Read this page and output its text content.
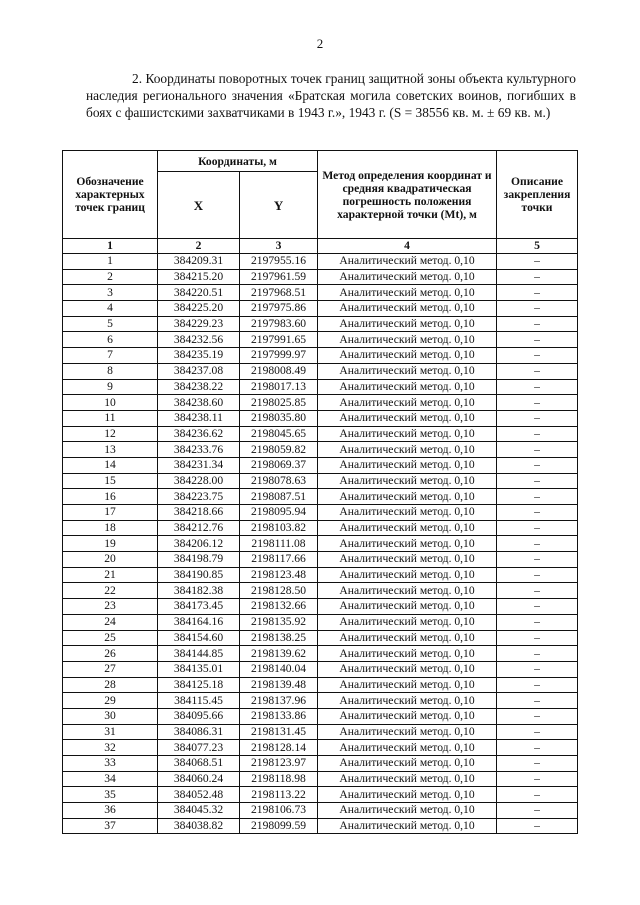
2
2. Координаты поворотных точек границ защитной зоны объекта культурного наследия регионального значения «Братская могила советских воинов, погибших в боях с фашистскими захватчиками в 1943 г.», 1943 г. (S = 38556 кв. м. ± 69 кв. м.)
Обозначение характерных точек границ	Координаты, м		Метод определения координат и средняя квадратическая погрешность положения характерной точки (Mt), м	Описание закрепления точки
	X	Y		
1	2	3	4	5
1	384209.31	2197955.16	Аналитический метод. 0,10	–
2	384215.20	2197961.59	Аналитический метод. 0,10	–
3	384220.51	2197968.51	Аналитический метод. 0,10	–
4	384225.20	2197975.86	Аналитический метод. 0,10	–
5	384229.23	2197983.60	Аналитический метод. 0,10	–
6	384232.56	2197991.65	Аналитический метод. 0,10	–
7	384235.19	2197999.97	Аналитический метод. 0,10	–
8	384237.08	2198008.49	Аналитический метод. 0,10	–
9	384238.22	2198017.13	Аналитический метод. 0,10	–
10	384238.60	2198025.85	Аналитический метод. 0,10	–
11	384238.11	2198035.80	Аналитический метод. 0,10	–
12	384236.62	2198045.65	Аналитический метод. 0,10	–
13	384233.76	2198059.82	Аналитический метод. 0,10	–
14	384231.34	2198069.37	Аналитический метод. 0,10	–
15	384228.00	2198078.63	Аналитический метод. 0,10	–
16	384223.75	2198087.51	Аналитический метод. 0,10	–
17	384218.66	2198095.94	Аналитический метод. 0,10	–
18	384212.76	2198103.82	Аналитический метод. 0,10	–
19	384206.12	2198111.08	Аналитический метод. 0,10	–
20	384198.79	2198117.66	Аналитический метод. 0,10	–
21	384190.85	2198123.48	Аналитический метод. 0,10	–
22	384182.38	2198128.50	Аналитический метод. 0,10	–
23	384173.45	2198132.66	Аналитический метод. 0,10	–
24	384164.16	2198135.92	Аналитический метод. 0,10	–
25	384154.60	2198138.25	Аналитический метод. 0,10	–
26	384144.85	2198139.62	Аналитический метод. 0,10	–
27	384135.01	2198140.04	Аналитический метод. 0,10	–
28	384125.18	2198139.48	Аналитический метод. 0,10	–
29	384115.45	2198137.96	Аналитический метод. 0,10	–
30	384095.66	2198133.86	Аналитический метод. 0,10	–
31	384086.31	2198131.45	Аналитический метод. 0,10	–
32	384077.23	2198128.14	Аналитический метод. 0,10	–
33	384068.51	2198123.97	Аналитический метод. 0,10	–
34	384060.24	2198118.98	Аналитический метод. 0,10	–
35	384052.48	2198113.22	Аналитический метод. 0,10	–
36	384045.32	2198106.73	Аналитический метод. 0,10	–
37	384038.82	2198099.59	Аналитический метод. 0,10	–
